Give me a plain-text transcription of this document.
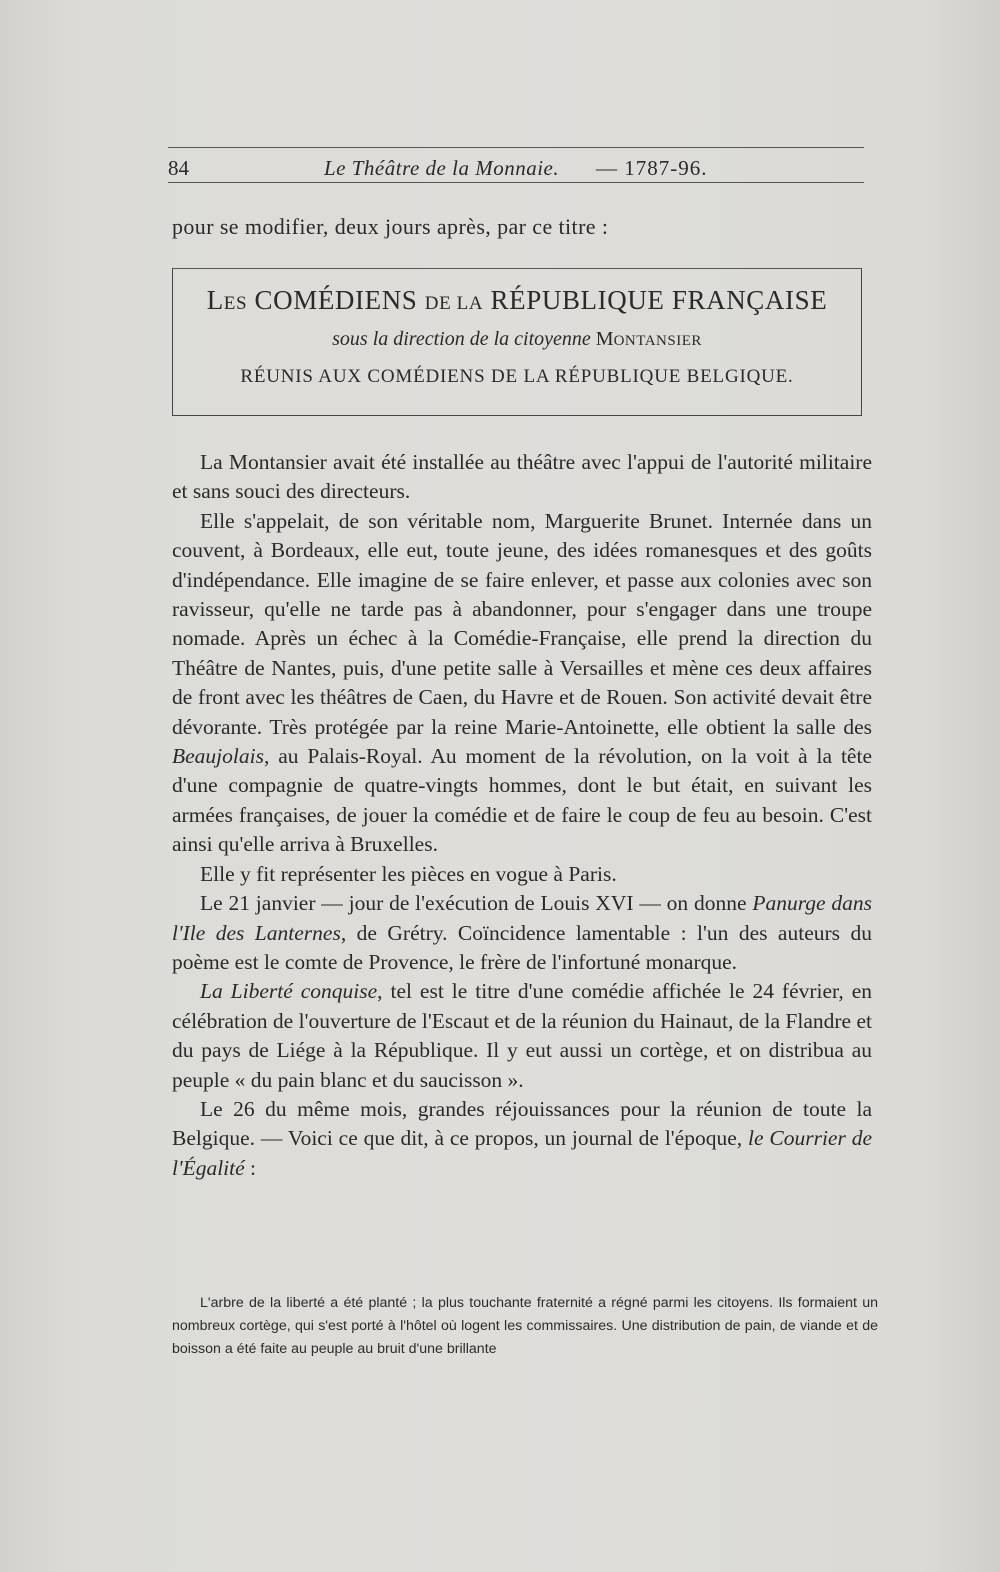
84	Le Théâtre de la Monnaie. — 1787-96.
pour se modifier, deux jours après, par ce titre :
LES COMÉDIENS DE LA RÉPUBLIQUE FRANÇAISE
sous la direction de la citoyenne MONTANSIER
RÉUNIS AUX COMÉDIENS DE LA RÉPUBLIQUE BELGIQUE.

La Montansier avait été installée au théâtre avec l'appui de l'autorité militaire et sans souci des directeurs.

Elle s'appelait, de son véritable nom, Marguerite Brunet. Internée dans un couvent, à Bordeaux, elle eut, toute jeune, des idées romanesques et des goûts d'indépendance. Elle imagine de se faire enlever, et passe aux colonies avec son ravisseur, qu'elle ne tarde pas à abandonner, pour s'engager dans une troupe nomade. Après un échec à la Comédie-Française, elle prend la direction du Théâtre de Nantes, puis, d'une petite salle à Versailles et mène ces deux affaires de front avec les théâtres de Caen, du Havre et de Rouen. Son activité devait être dévorante. Très protégée par la reine Marie-Antoinette, elle obtient la salle des Beaujolais, au Palais-Royal. Au moment de la révolution, on la voit à la tête d'une compagnie de quatre-vingts hommes, dont le but était, en suivant les armées françaises, de jouer la comédie et de faire le coup de feu au besoin. C'est ainsi qu'elle arriva à Bruxelles.

Elle y fit représenter les pièces en vogue à Paris.

Le 21 janvier — jour de l'exécution de Louis XVI — on donne Panurge dans l'Ile des Lanternes, de Grétry. Coïncidence lamentable : l'un des auteurs du poème est le comte de Provence, le frère de l'infortuné monarque.

La Liberté conquise, tel est le titre d'une comédie affichée le 24 février, en célébration de l'ouverture de l'Escaut et de la réunion du Hainaut, de la Flandre et du pays de Liége à la République. Il y eut aussi un cortège, et on distribua au peuple « du pain blanc et du saucisson ».

Le 26 du même mois, grandes réjouissances pour la réunion de toute la Belgique. — Voici ce que dit, à ce propos, un journal de l'époque, le Courrier de l'Égalité :

L'arbre de la liberté a été planté ; la plus touchante fraternité a régné parmi les citoyens. Ils formaient un nombreux cortège, qui s'est porté à l'hôtel où logent les commissaires. Une distribution de pain, de viande et de boisson a été faite au peuple au bruit d'une brillante
